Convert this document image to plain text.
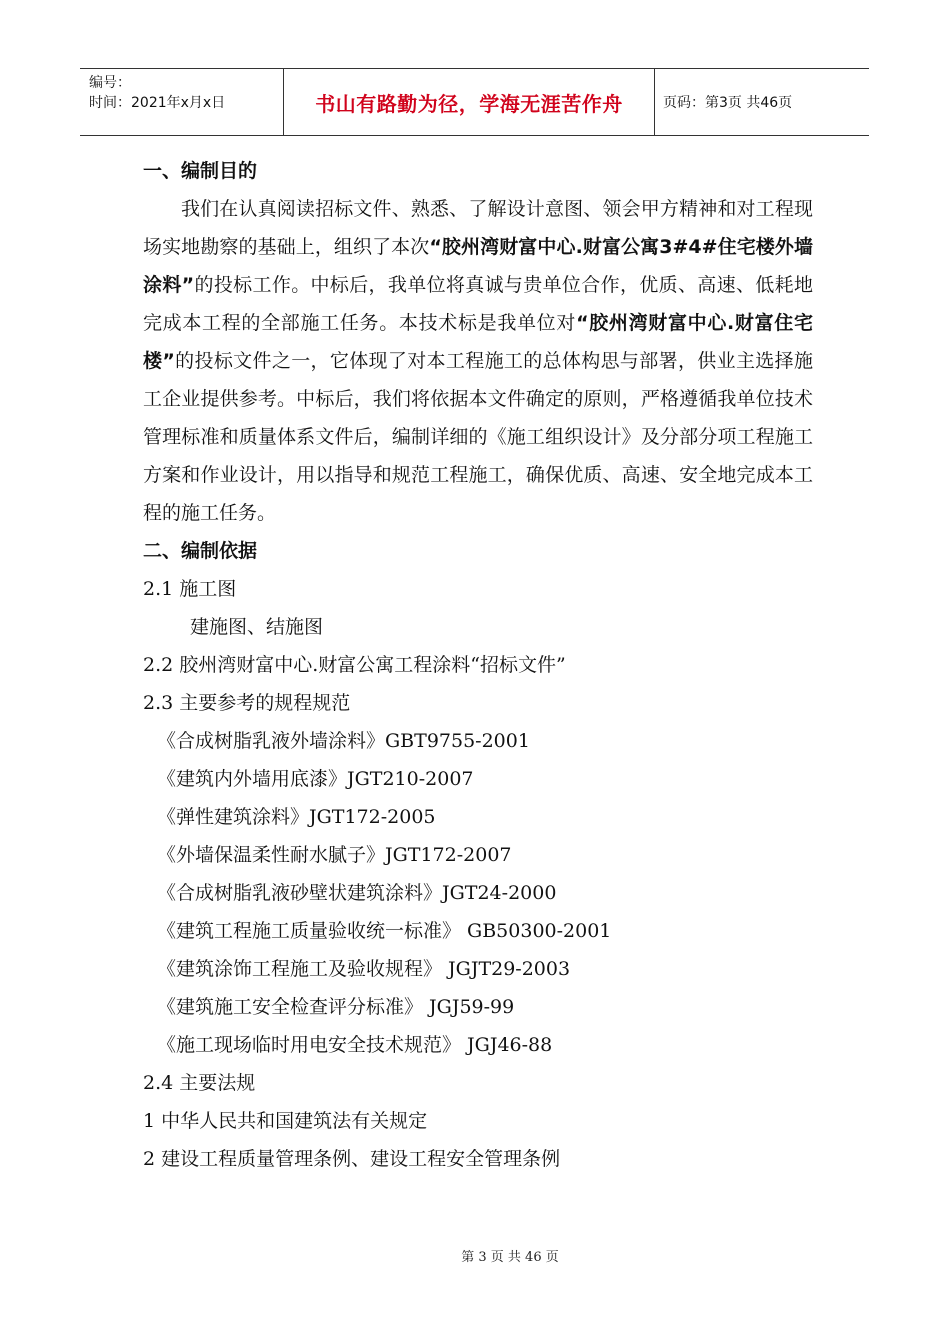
编号：
时间：2021年x月x日	书山有路勤为径，学海无涯苦作舟	页码：第3页 共46页

一、编制目的

我们在认真阅读招标文件、熟悉、了解设计意图、领会甲方精神和对工程现场实地勘察的基础上，组织了本次“胶州湾财富中心.财富公寓3#4#住宅楼外墙涂料”的投标工作。中标后，我单位将真诚与贵单位合作，优质、高速、低耗地完成本工程的全部施工任务。本技术标是我单位对“胶州湾财富中心.财富住宅楼”的投标文件之一，它体现了对本工程施工的总体构思与部署，供业主选择施工企业提供参考。中标后，我们将依据本文件确定的原则，严格遵循我单位技术管理标准和质量体系文件后，编制详细的《施工组织设计》及分部分项工程施工方案和作业设计，用以指导和规范工程施工，确保优质、高速、安全地完成本工程的施工任务。

二、编制依据

2.1 施工图

建施图、结施图

2.2 胶州湾财富中心.财富公寓工程涂料“招标文件”

2.3 主要参考的规程规范

《合成树脂乳液外墙涂料》GBT9755-2001

《建筑内外墙用底漆》JGT210-2007

《弹性建筑涂料》JGT172-2005

《外墙保温柔性耐水腻子》JGT172-2007

《合成树脂乳液砂壁状建筑涂料》JGT24-2000

《建筑工程施工质量验收统一标准》 GB50300-2001

《建筑涂饰工程施工及验收规程》 JGJT29-2003

《建筑施工安全检查评分标准》 JGJ59-99

《施工现场临时用电安全技术规范》 JGJ46-88

2.4 主要法规

1 中华人民共和国建筑法有关规定

2 建设工程质量管理条例、建设工程安全管理条例

第 3 页 共 46 页
